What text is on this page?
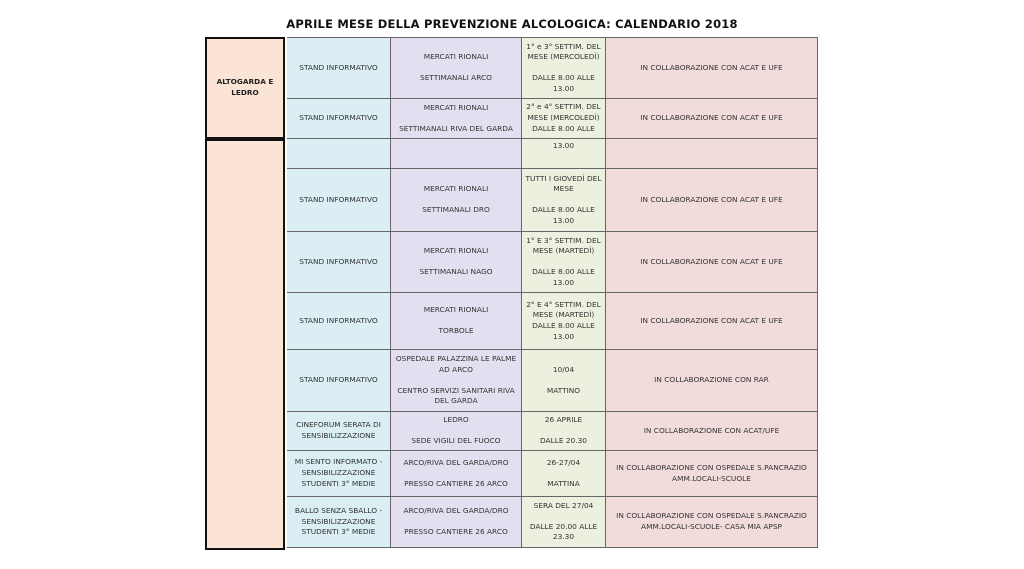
APRILE MESE DELLA PREVENZIONE ALCOLOGICA: CALENDARIO 2018
ALTOGARDA E
LEDRO
STAND INFORMATIVO
MERCATI RIONALI
SETTIMANALI ARCO
1° e 3° SETTIM. DEL
MESE (MERCOLEDÌ)
DALLE 8.00 ALLE
13.00
IN COLLABORAZIONE CON ACAT E UFE
STAND INFORMATIVO
MERCATI RIONALI
SETTIMANALI RIVA DEL GARDA
2° e 4° SETTIM. DEL
MESE (MERCOLEDÌ)
DALLE 8.00 ALLE
IN COLLABORAZIONE CON ACAT E UFE
13.00
STAND INFORMATIVO
MERCATI RIONALI
SETTIMANALI DRO
TUTTI I GIOVEDÌ DEL
MESE
DALLE 8.00 ALLE
13.00
IN COLLABORAZIONE CON ACAT E UFE
STAND INFORMATIVO
MERCATI RIONALI
SETTIMANALI NAGO
1° E 3° SETTIM. DEL
MESE (MARTEDÌ)
DALLE 8.00 ALLE
13.00
IN COLLABORAZIONE CON ACAT E UFE
STAND INFORMATIVO
MERCATI RIONALI
TORBOLE
2° E 4° SETTIM. DEL
MESE (MARTEDÌ)
DALLE 8.00 ALLE
13.00
IN COLLABORAZIONE CON ACAT E UFE
STAND INFORMATIVO
OSPEDALE PALAZZINA LE PALME
AD ARCO
CENTRO SERVIZI SANITARI RIVA
DEL GARDA
10/04
MATTINO
IN COLLABORAZIONE CON RAR
CINEFORUM SERATA DI
SENSIBILIZZAZIONE
LEDRO
SEDE VIGILI DEL FUOCO
26 APRILE
DALLE 20.30
IN COLLABORAZIONE CON ACAT/UFE
MI SENTO INFORMATO -
SENSIBILIZZAZIONE
STUDENTI 3° MEDIE
ARCO/RIVA DEL GARDA/DRO
PRESSO CANTIERE 26 ARCO
26-27/04
MATTINA
IN COLLABORAZIONE CON OSPEDALE S.PANCRAZIO
AMM.LOCALI-SCUOLE
BALLO SENZA SBALLO -
SENSIBILIZZAZIONE
STUDENTI 3° MEDIE
ARCO/RIVA DEL GARDA/DRO
PRESSO CANTIERE 26 ARCO
SERA DEL 27/04
DALLE 20.00 ALLE
23.30
IN COLLABORAZIONE CON OSPEDALE S.PANCRAZIO
AMM.LOCALI-SCUOLE- CASA MIA APSP
